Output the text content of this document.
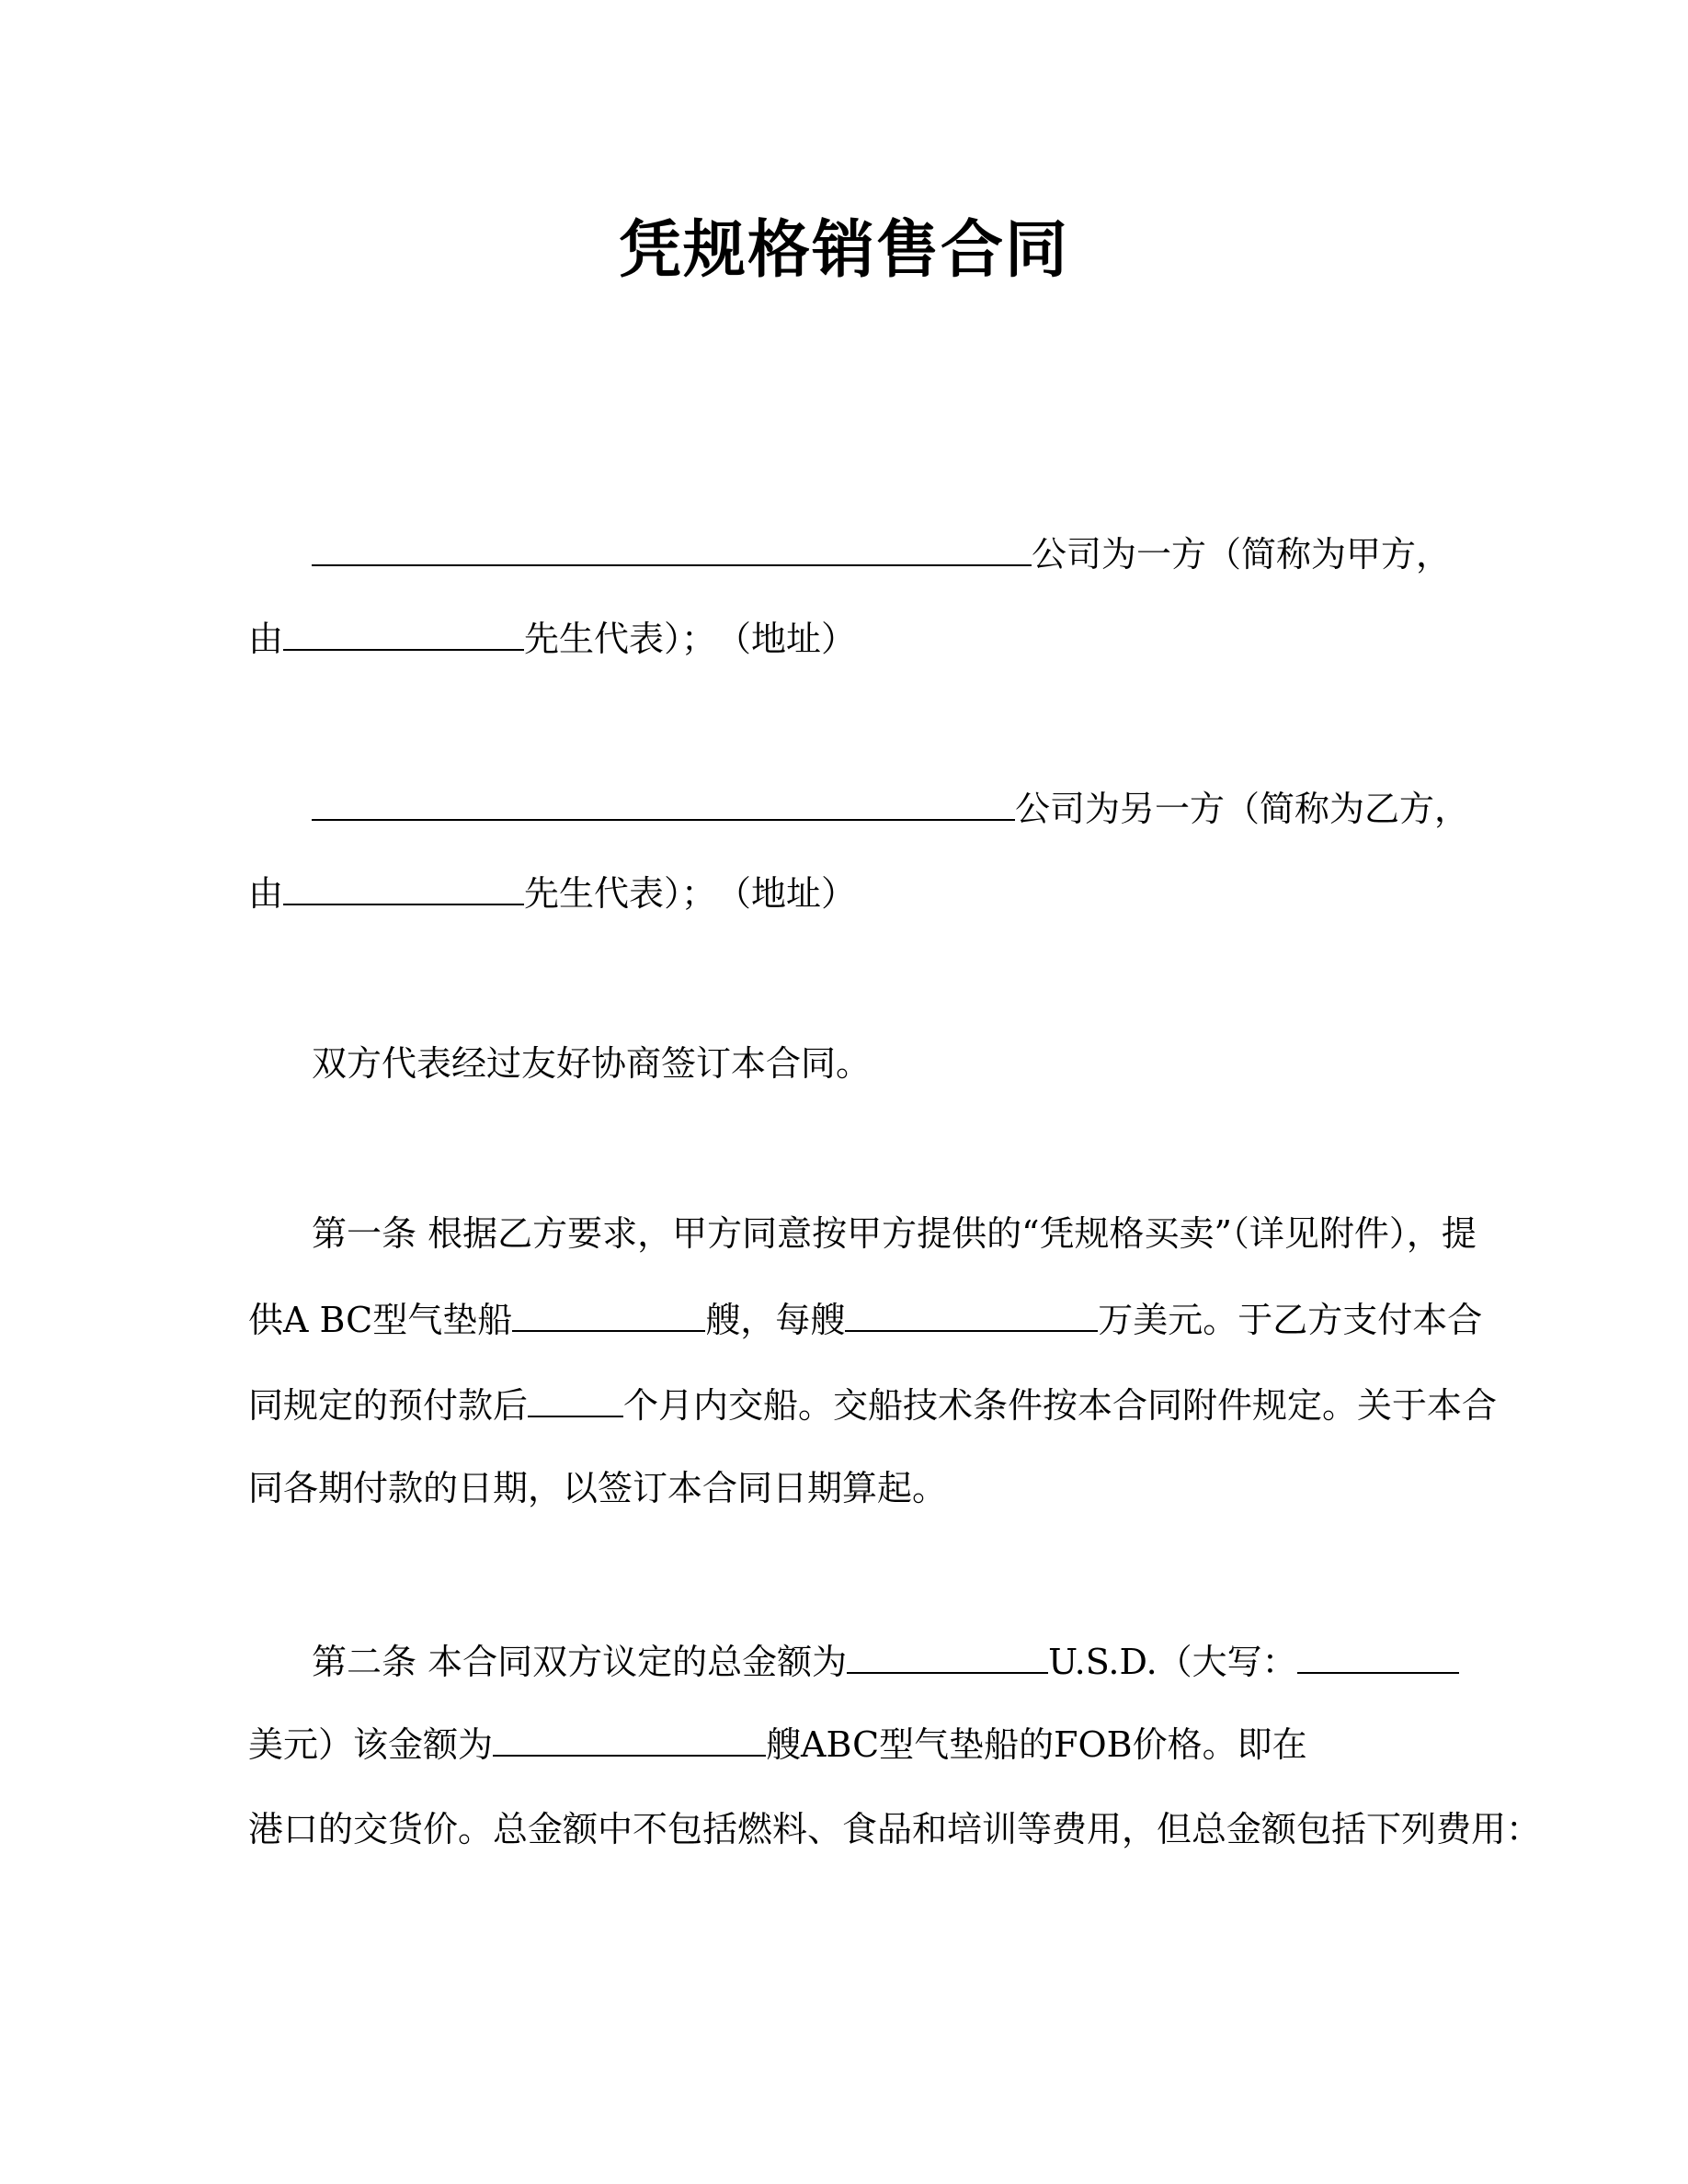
凭规格销售合同
公司为一方（简称为甲方，
由	先生代表）；　（地址）
公司为另一方（简称为乙方，
由	先生代表）；　（地址）
双方代表经过友好协商签订本合同。
第一条 根据乙方要求，甲方同意按甲方提供的“凭规格买卖”（详见附件），提
供A BC型气垫船	艘，每艘	万美元。于乙方支付本合
同规定的预付款后	个月内交船。交船技术条件按本合同附件规定。关于本合
同各期付款的日期，以签订本合同日期算起。
第二条 本合同双方议定的总金额为	U.S.D.（大写：
美元）该金额为	艘ABC型气垫船的FOB价格。即在
港口的交货价。总金额中不包括燃料、食品和培训等费用，但总金额包括下列费用：
